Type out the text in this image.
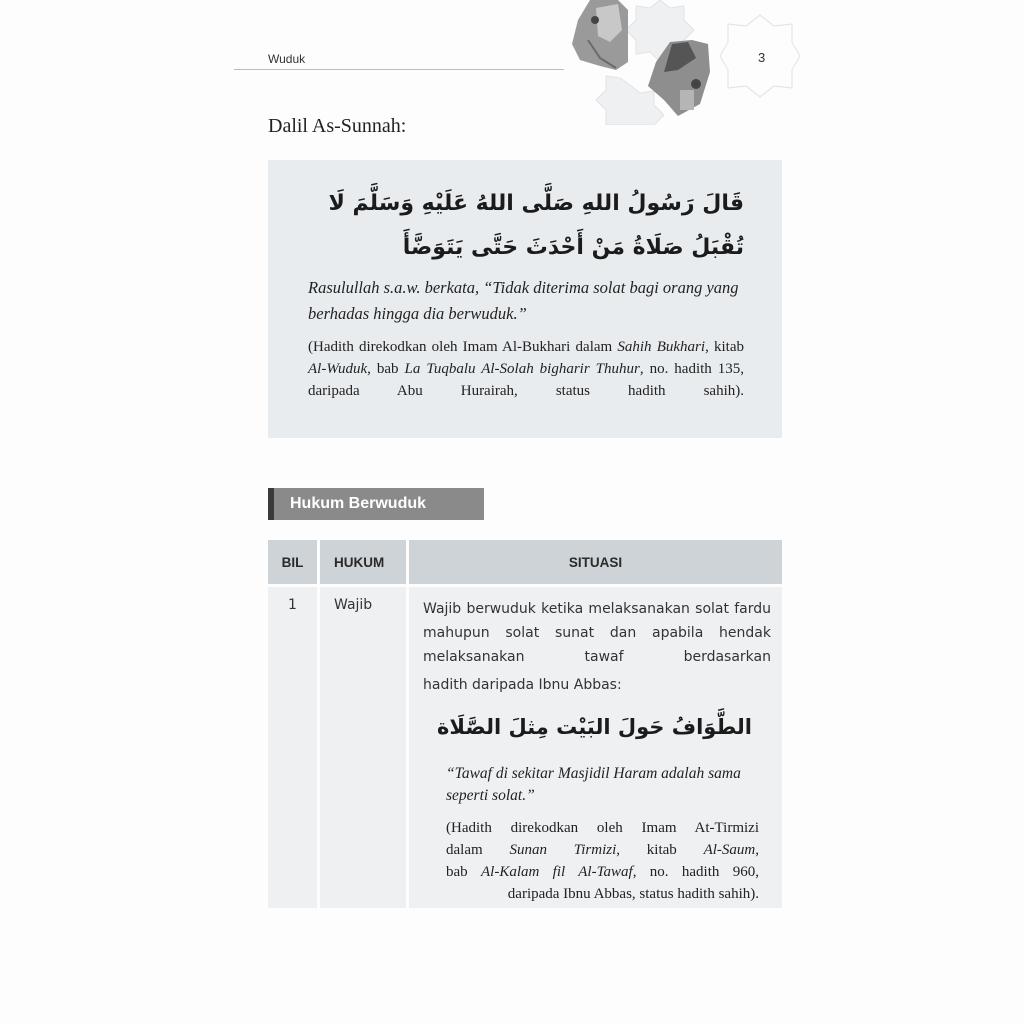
Wuduk	3
Dalil As-Sunnah:
قَالَ رَسُولُ اللهِ صَلَّى اللهُ عَلَيْهِ وَسَلَّمَ لَا تُقْبَلُ صَلَاةُ مَنْ أَحْدَثَ حَتَّى يَتَوَضَّأَ
Rasulullah s.a.w. berkata, “Tidak diterima solat bagi orang yang berhadas hingga dia berwuduk.”
(Hadith direkodkan oleh Imam Al-Bukhari dalam Sahih Bukhari, kitab Al-Wuduk, bab La Tuqbalu Al-Solah bigharir Thuhur, no. hadith 135, daripada Abu Hurairah, status hadith sahih).
Hukum Berwuduk
BIL	HUKUM	SITUASI
1	Wajib	Wajib berwuduk ketika melaksanakan solat fardu mahupun solat sunat dan apabila hendak melaksanakan tawaf berdasarkan
hadith daripada Ibnu Abbas:
الطَّوَافُ حَولَ البَيْت مِثلَ الصَّلَاة
“Tawaf di sekitar Masjidil Haram adalah sama seperti solat.”
(Hadith direkodkan oleh Imam At-Tirmizi
dalam Sunan Tirmizi, kitab Al-Saum,
bab Al-Kalam fil Al-Tawaf, no. hadith 960,
daripada Ibnu Abbas, status hadith sahih).
